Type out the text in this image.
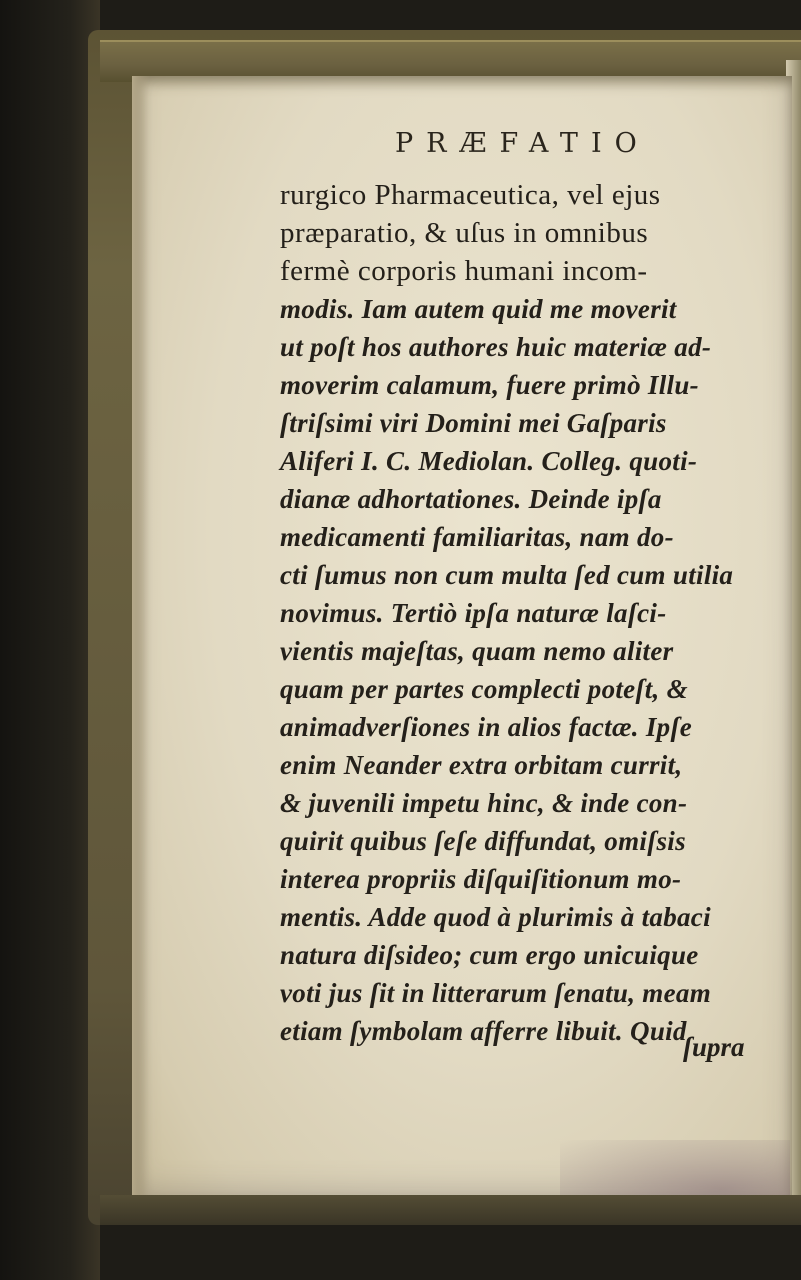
PRÆFATIO
rurgico Pharmaceutica, vel ejus
præparatio, & uſus in omnibus
fermè corporis humani incom-
modis. Iam autem quid me moverit
ut poſt hos authores huic materiæ ad-
moverim calamum, fuere primò Illu-
ſtriſsimi viri Domini mei Gaſparis
Aliferi I. C. Mediolan. Colleg. quoti-
dianæ adhortationes. Deinde ipſa
medicamenti familiaritas, nam do-
cti ſumus non cum multa ſed cum utilia
novimus. Tertiò ipſa naturæ laſci-
vientis majeſtas, quam nemo aliter
quam per partes complecti poteſt, &
animadverſiones in alios factæ. Ipſe
enim Neander extra orbitam currit,
& juvenili impetu hinc, & inde con-
quirit quibus ſeſe diffundat, omiſsis
interea propriis diſquiſitionum mo-
mentis. Adde quod à plurimis à tabaci
natura diſsideo; cum ergo unicuique
voti jus ſit in litterarum ſenatu, meam
etiam ſymbolam afferre libuit. Quid

ſupra
